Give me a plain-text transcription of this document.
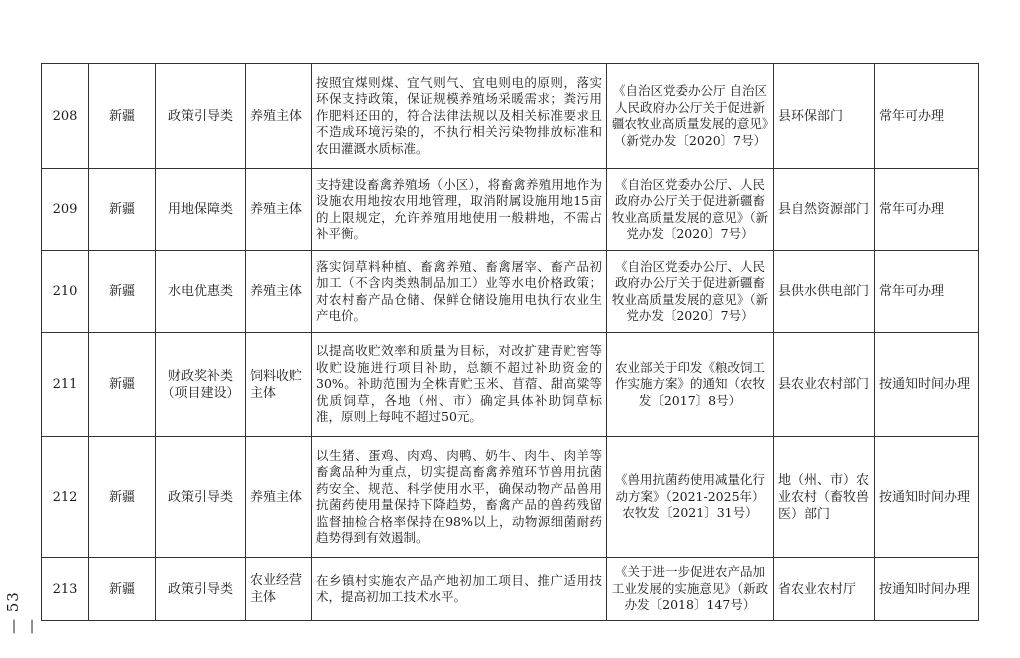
208	新疆	政策引导类	养殖主体	按照宜煤则煤、宜气则气、宜电则电的原则，落实环保支持政策，保证规模养殖场采暖需求；粪污用作肥料还田的，符合法律法规以及相关标准要求且不造成环境污染的，不执行相关污染物排放标准和农田灌溉水质标准。	《自治区党委办公厅 自治区人民政府办公厅关于促进新疆农牧业高质量发展的意见》（新党办发〔2020〕7号）	县环保部门	常年可办理
209	新疆	用地保障类	养殖主体	支持建设畜禽养殖场（小区），将畜禽养殖用地作为设施农用地按农用地管理，取消附属设施用地15亩的上限规定，允许养殖用地使用一般耕地，不需占补平衡。	《自治区党委办公厅、人民政府办公厅关于促进新疆畜牧业高质量发展的意见》（新党办发〔2020〕7号）	县自然资源部门	常年可办理
210	新疆	水电优惠类	养殖主体	落实饲草料种植、畜禽养殖、畜禽屠宰、畜产品初加工（不含肉类熟制品加工）业等水电价格政策；对农村畜产品仓储、保鲜仓储设施用电执行农业生产电价。	《自治区党委办公厅、人民政府办公厅关于促进新疆畜牧业高质量发展的意见》（新党办发〔2020〕7号）	县供水供电部门	常年可办理
211	新疆	财政奖补类（项目建设）	饲料收贮主体	以提高收贮效率和质量为目标，对改扩建青贮窖等收贮设施进行项目补助，总额不超过补助资金的30%。补助范围为全株青贮玉米、苜蓿、甜高粱等优质饲草，各地（州、市）确定具体补助饲草标准，原则上每吨不超过50元。	农业部关于印发《粮改饲工作实施方案》的通知（农牧发〔2017〕8号）	县农业农村部门	按通知时间办理
212	新疆	政策引导类	养殖主体	以生猪、蛋鸡、肉鸡、肉鸭、奶牛、肉牛、肉羊等畜禽品种为重点，切实提高畜禽养殖环节兽用抗菌药安全、规范、科学使用水平，确保动物产品兽用抗菌药使用量保持下降趋势，畜禽产品的兽药残留监督抽检合格率保持在98%以上，动物源细菌耐药趋势得到有效遏制。	《兽用抗菌药使用减量化行动方案》（2021-2025年）农牧发〔2021〕31号）	地（州、市）农业农村（畜牧兽医）部门	按通知时间办理
213	新疆	政策引导类	农业经营主体	在乡镇村实施农产品产地初加工项目、推广适用技术，提高初加工技术水平。	《关于进一步促进农产品加工业发展的实施意见》（新政办发〔2018〕147号）	省农业农村厅	按通知时间办理
— 53 —
